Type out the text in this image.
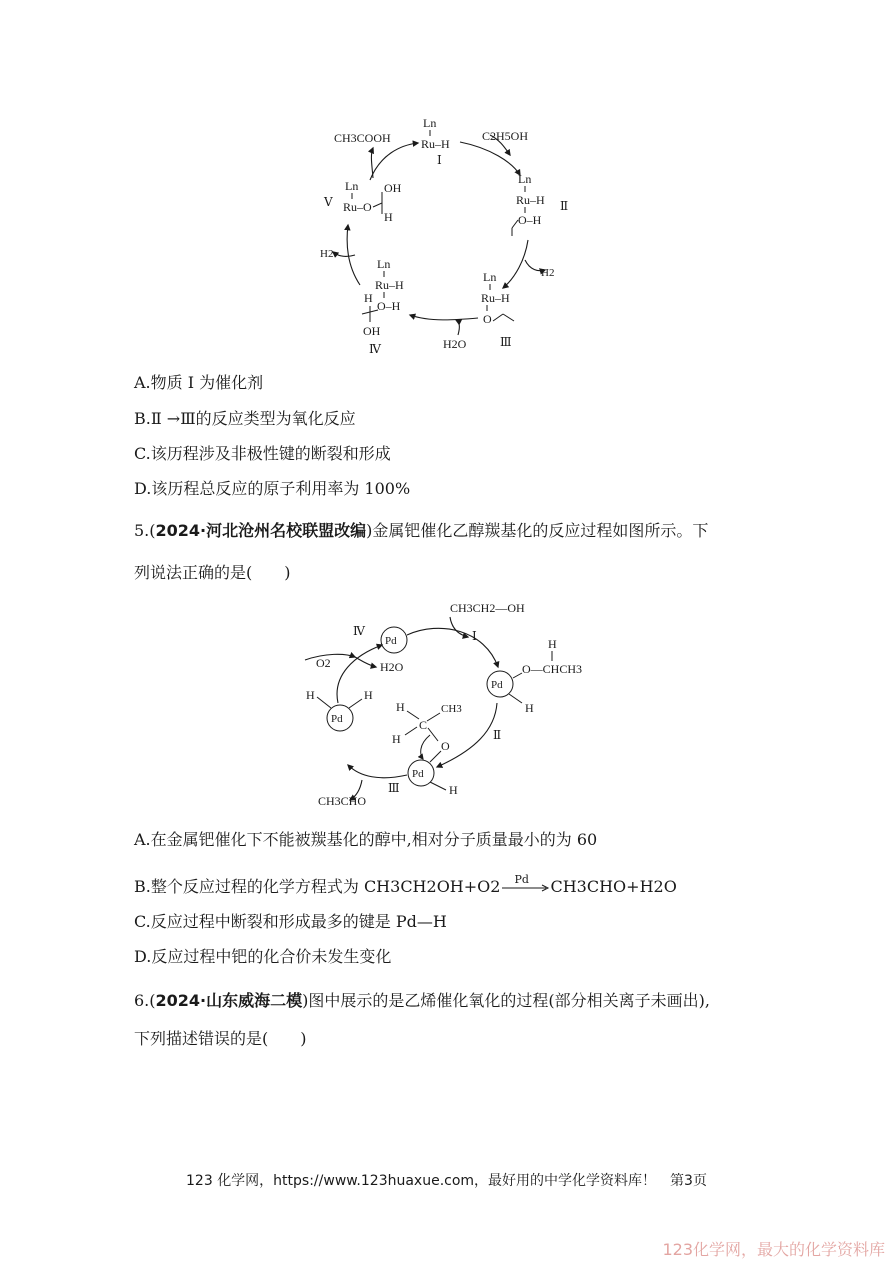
Ln
Ru–H
Ⅰ
CH3COOH	C2H5OH
Ln
Ru–H
O–H
Ⅱ
H2
Ln
Ru–H
O
Ⅲ
H2O
Ln
Ru–H
H
O–H
OH
Ⅳ
H2
Ⅴ
Ln
Ru–O
OH
H
A.物质 Ⅰ 为催化剂
B.Ⅱ →Ⅲ的反应类型为氧化反应
C.该历程涉及非极性键的断裂和形成
D.该历程总反应的原子利用率为 100%
5.(2024·河北沧州名校联盟改编)金属钯催化乙醇羰基化的反应过程如图所示。下
列说法正确的是(　　)
Pd
Ⅳ
CH3CH2—OH
Ⅰ
Pd
O—CHCH3
H
H
Ⅱ
Pd
H
H
C
CH3
H	O
Ⅲ
CH3CHO
Pd
H	H
O2	H2O
A.在金属钯催化下不能被羰基化的醇中,相对分子质量最小的为 60
B.整个反应过程的化学方程式为 CH3CH2OH+O2 Pd CH3CHO+H2O
C.反应过程中断裂和形成最多的键是 Pd—H
D.反应过程中钯的化合价未发生变化
6.(2024·山东威海二模)图中展示的是乙烯催化氧化的过程(部分相关离子未画出),
下列描述错误的是(　　)
123 化学网，https://www.123huaxue.com，最好用的中学化学资料库！　第3页
123化学网，最大的化学资料库
